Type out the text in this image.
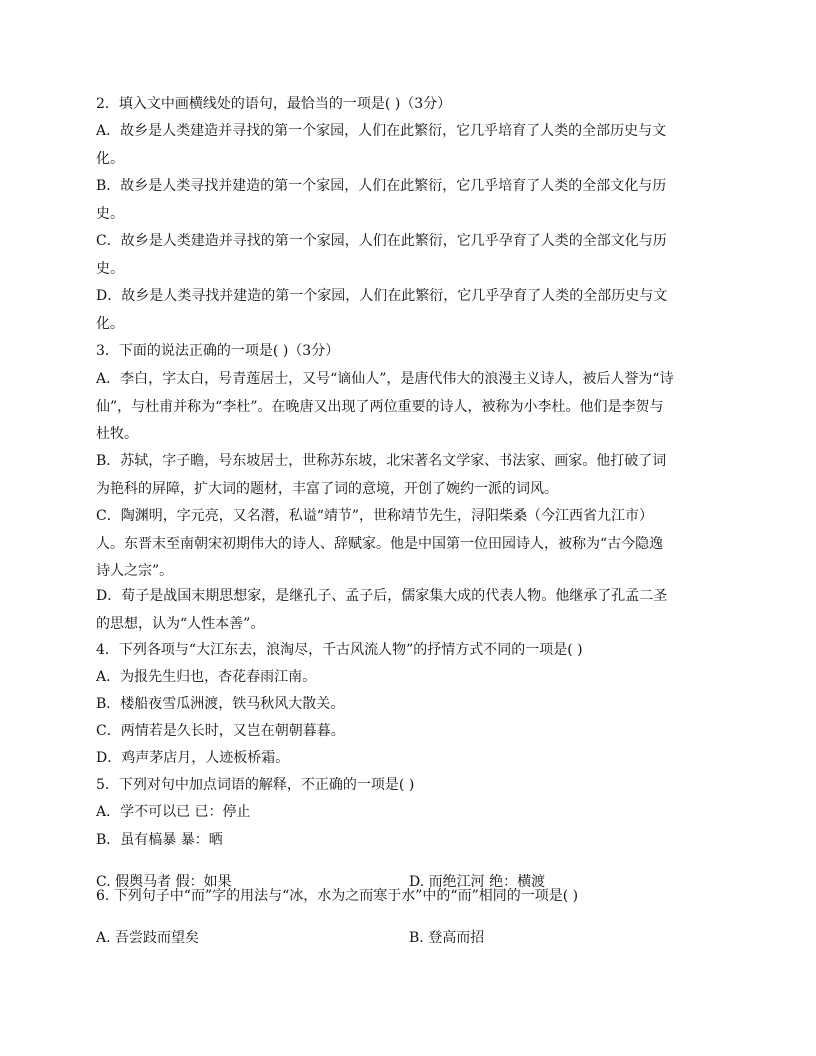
2．填入文中画横线处的语句，最恰当的一项是( )（3分）

A．故乡是人类建造并寻找的第一个家园，人们在此繁衍，它几乎培育了人类的全部历史与文化。

B．故乡是人类寻找并建造的第一个家园，人们在此繁衍，它几乎培育了人类的全部文化与历史。

C．故乡是人类建造并寻找的第一个家园，人们在此繁衍，它几乎孕育了人类的全部文化与历史。

D．故乡是人类寻找并建造的第一个家园，人们在此繁衍，它几乎孕育了人类的全部历史与文化。

3．下面的说法正确的一项是( )（3分）

A．李白，字太白，号青莲居士，又号“谪仙人”，是唐代伟大的浪漫主义诗人，被后人誉为“诗仙”，与杜甫并称为“李杜”。在晚唐又出现了两位重要的诗人，被称为小李杜。他们是李贺与杜牧。

B．苏轼，字子瞻，号东坡居士，世称苏东坡，北宋著名文学家、书法家、画家。他打破了词为艳科的屏障，扩大词的题材，丰富了词的意境，开创了婉约一派的词风。

C．陶渊明，字元亮，又名潜，私谥“靖节”，世称靖节先生，浔阳柴桑（今江西省九江市）人。东晋末至南朝宋初期伟大的诗人、辞赋家。他是中国第一位田园诗人，被称为“古今隐逸诗人之宗”。

D．荀子是战国末期思想家，是继孔子、孟子后，儒家集大成的代表人物。他继承了孔孟二圣的思想，认为“人性本善”。

4．下列各项与“大江东去，浪淘尽，千古风流人物”的抒情方式不同的一项是( )

A．为报先生归也，杏花春雨江南。

B．楼船夜雪瓜洲渡，铁马秋风大散关。

C．两情若是久长时，又岂在朝朝暮暮。

D．鸡声茅店月，人迹板桥霜。

5．下列对句中加点词语的解释，不正确的一项是( )

A．学不可以已 已：停止

B．虽有槁暴 暴：晒

C. 假舆马者 假：如果	D. 而绝江河 绝：横渡

6. 下列句子中“而”字的用法与“冰，水为之而寒于水”中的“而”相同的一项是( )

A. 吾尝跂而望矣	B. 登高而招
